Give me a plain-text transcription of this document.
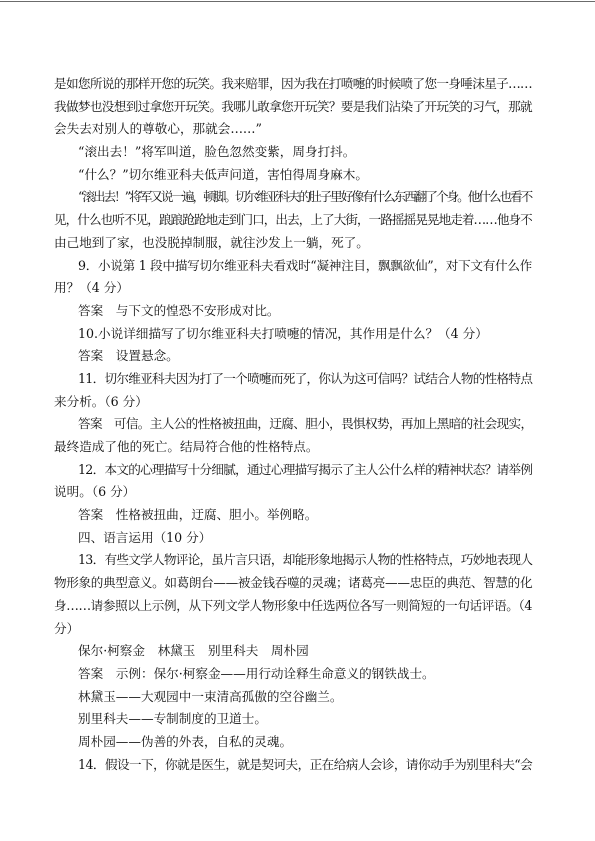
是如您所说的那样开您的玩笑。我来赔罪，因为我在打喷嚏的时候喷了您一身唾沫星子……
我做梦也没想到过拿您开玩笑。我哪儿敢拿您开玩笑？要是我们沾染了开玩笑的习气，那就
会失去对别人的尊敬心，那就会……”
“滚出去！”将军叫道，脸色忽然变紫，周身打抖。
“什么？”切尔维亚科夫低声问道，害怕得周身麻木。
“滚出去！”将军又说一遍，顿脚。切尔维亚科夫的肚子里好像有什么东西翻了个身。他什么也看不
见，什么也听不见，踉踉跄跄地走到门口，出去，上了大街，一路摇摇晃晃地走着……他身不
由己地到了家，也没脱掉制服，就往沙发上一躺，死了。
9．小说第 1 段中描写切尔维亚科夫看戏时“凝神注目，飘飘欲仙”，对下文有什么作
用？（4 分）
答案　与下文的惶恐不安形成对比。
10.小说详细描写了切尔维亚科夫打喷嚏的情况，其作用是什么？（4 分）
答案　设置悬念。
11．切尔维亚科夫因为打了一个喷嚏而死了，你认为这可信吗？试结合人物的性格特点
来分析。（6 分）
答案　可信。主人公的性格被扭曲，迂腐、胆小，畏惧权势，再加上黑暗的社会现实，
最终造成了他的死亡。结局符合他的性格特点。
12．本文的心理描写十分细腻，通过心理描写揭示了主人公什么样的精神状态？请举例
说明。（6 分）
答案　性格被扭曲，迂腐、胆小。举例略。
四、语言运用（10 分）
13．有些文学人物评论，虽片言只语，却能形象地揭示人物的性格特点，巧妙地表现人
物形象的典型意义。如葛朗台——被金钱吞噬的灵魂；诸葛亮——忠臣的典范、智慧的化
身……请参照以上示例，从下列文学人物形象中任选两位各写一则简短的一句话评语。（4
分）
保尔·柯察金　林黛玉　别里科夫　周朴园
答案　示例：保尔·柯察金——用行动诠释生命意义的钢铁战士。
林黛玉——大观园中一束清高孤傲的空谷幽兰。
别里科夫——专制制度的卫道士。
周朴园——伪善的外表，自私的灵魂。
14．假设一下，你就是医生，就是契诃夫，正在给病人会诊，请你动手为别里科夫“会
